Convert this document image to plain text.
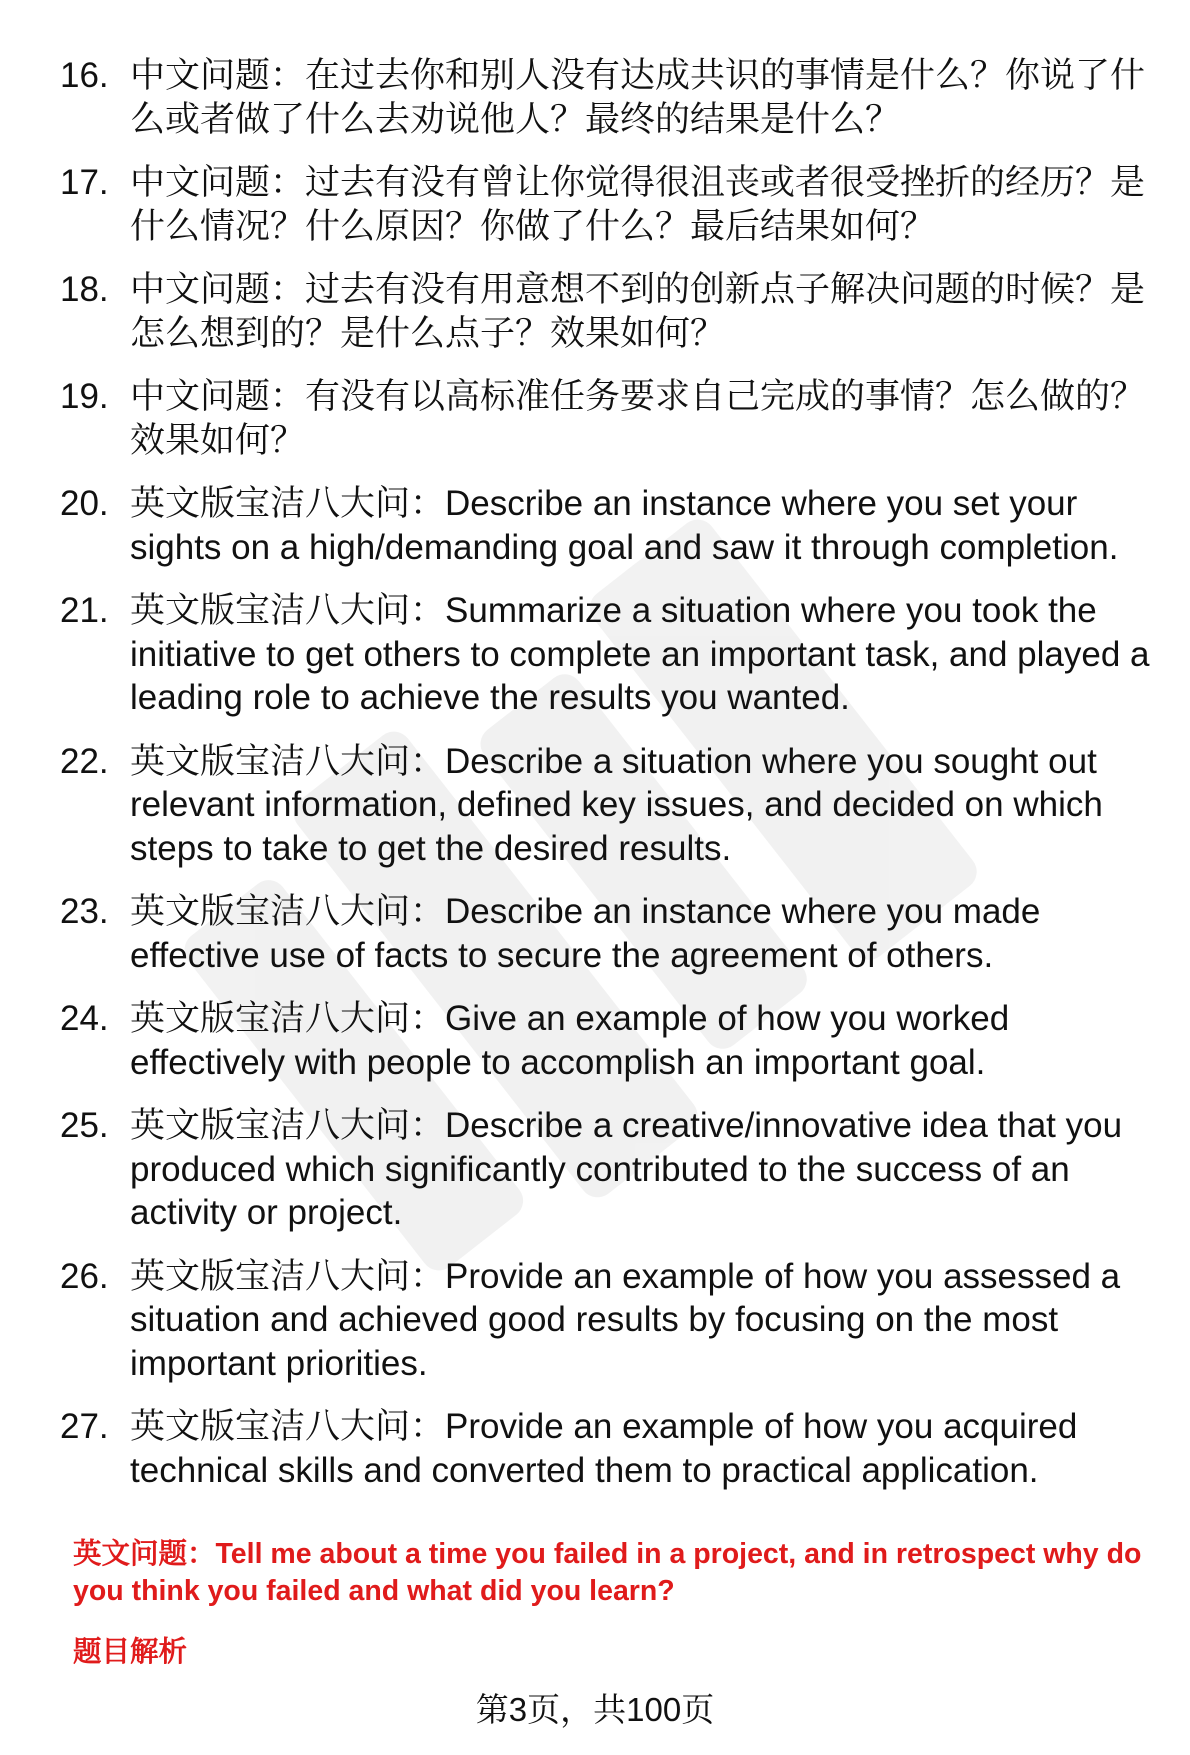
16. 中文问题：在过去你和别人没有达成共识的事情是什么？你说了什么或者做了什么去劝说他人？最终的结果是什么？
17. 中文问题：过去有没有曾让你觉得很沮丧或者很受挫折的经历？是什么情况？什么原因？你做了什么？最后结果如何？
18. 中文问题：过去有没有用意想不到的创新点子解决问题的时候？是怎么想到的？是什么点子？效果如何？
19. 中文问题：有没有以高标准任务要求自己完成的事情？怎么做的？效果如何？
20. 英文版宝洁八大问：Describe an instance where you set your sights on a high/demanding goal and saw it through completion.
21. 英文版宝洁八大问：Summarize a situation where you took the initiative to get others to complete an important task, and played a leading role to achieve the results you wanted.
22. 英文版宝洁八大问：Describe a situation where you sought out relevant information, defined key issues, and decided on which steps to take to get the desired results.
23. 英文版宝洁八大问：Describe an instance where you made effective use of facts to secure the agreement of others.
24. 英文版宝洁八大问：Give an example of how you worked effectively with people to accomplish an important goal.
25. 英文版宝洁八大问：Describe a creative/innovative idea that you produced which significantly contributed to the success of an activity or project.
26. 英文版宝洁八大问：Provide an example of how you assessed a situation and achieved good results by focusing on the most important priorities.
27. 英文版宝洁八大问：Provide an example of how you acquired technical skills and converted them to practical application.
英文问题：Tell me about a time you failed in a project, and in retrospect why do you think you failed and what did you learn?
题目解析
第3页，共100页
